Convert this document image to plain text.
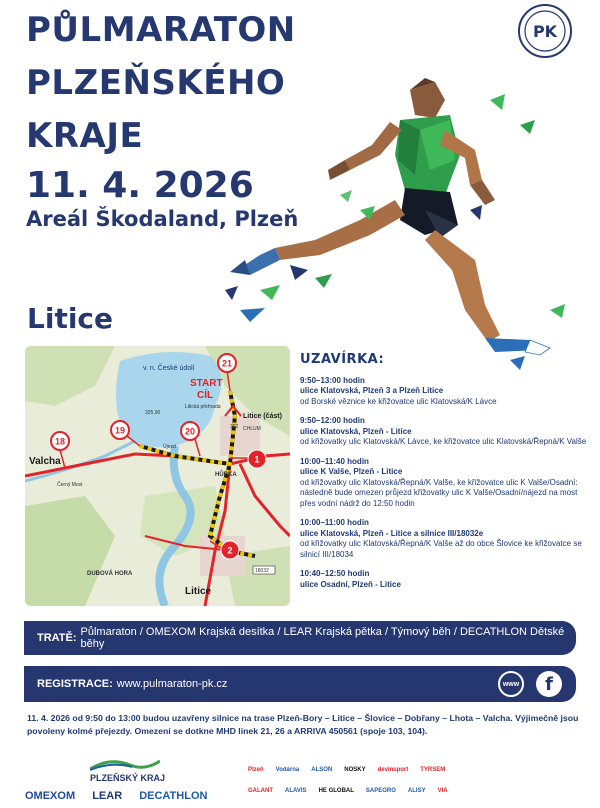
PŮLMARATON
PLZEŇSKÉHO
KRAJE
11. 4. 2026
Areál Škodaland, Plzeň
PK
Litice
v. n. České údolí
START
CÍL
Litická přehrada
325,90
362
Valcha
Litice (část)
CHLUM
HŮRKA
Litice
DUBOVÁ HORA
Černý Most
Újezd
18032
21
1
2
18
19	20
UZAVÍRKA:
9:50–13:00 hodin
ulice Klatovská, Plzeň 3 a Plzeň Litice
od Borské věznice ke křižovatce ulic Klatovská/K Lávce
9:50–12:00 hodin
ulice Klatovská, Plzeň - Litice
od křižovatky ulic Klatovská/K Lávce, ke křižovatce ulic Klatovská/Řepná/K Valše
10:00–11:40 hodin
ulice K Valše, Plzeň - Litice
od křižovatky ulic Klatovská/Řepná/K Valše, ke křižovatce ulic K Valše/Osadní: následně bude omezen průjezd křižovatky ulic K Valše/Osadní/nájezd na most přes vodní nádrž do 12:50 hodin
10:00–11:00 hodin
ulice Klatovská, Plzeň - Litice a silnice III/18032e
od křižovatky ulic Klatovská/Řepná/K Valše až do obce Šlovice ke křižovatce se silnicí III/18034
10:40–12:50 hodin
ulice Osadní, Plzeň - Litice
TRATĚ: Půlmaraton / OMEXOM Krajská desítka / LEAR Krajská pětka / Týmový běh / DECATHLON Dětské běhy
REGISTRACE: www.pulmaraton-pk.cz	www	f
11. 4. 2026 od 9:50 do 13:00 budou uzavřeny silnice na trase Plzeň-Bory – Litice – Šlovice – Dobřany – Lhota – Valcha. Výjimečně jsou povoleny kolmé přejezdy. Omezení se dotkne MHD linek 21, 26 a ARRIVA 450561 (spoje 103, 104).
PLZEŇSKÝ KRAJ
OMEXOM LEAR DECATHLON
Plzeň	Vodárna	ALSON	NOSKY	devinsport	TYRSEM
GALANT	ALAVIS	HE GLOBAL	SAPEGRO	ALISY	VIA
